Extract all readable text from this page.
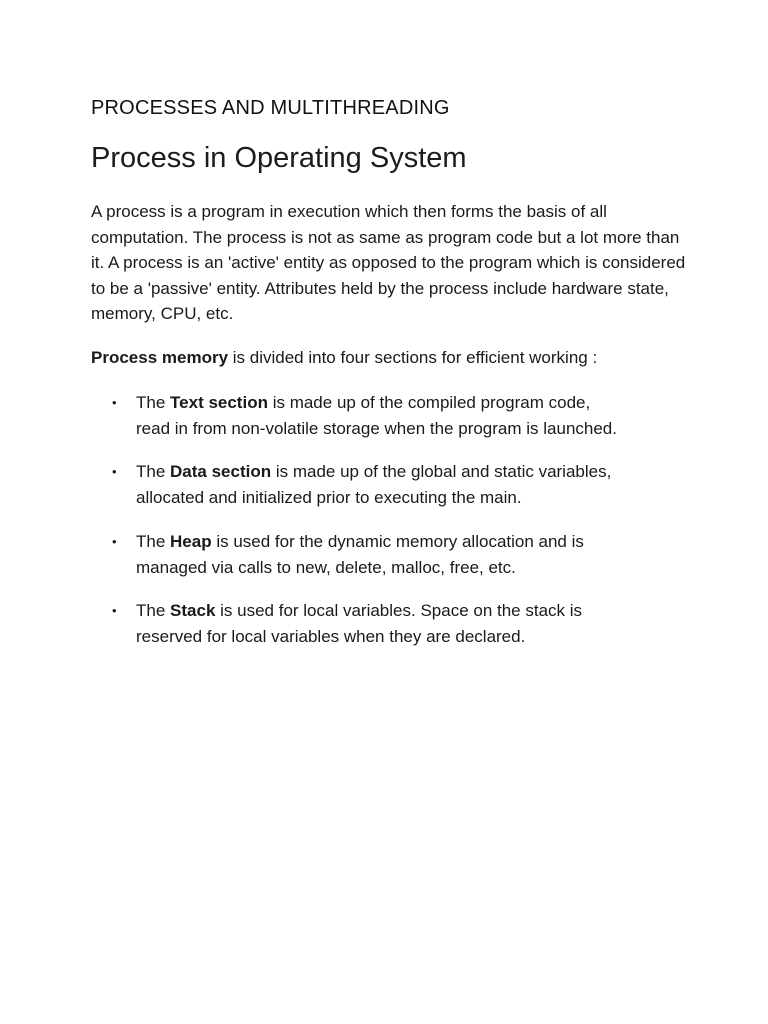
PROCESSES AND MULTITHREADING
Process in Operating System

A process is a program in execution which then forms the basis of all computation. The process is not as same as program code but a lot more than it. A process is an 'active' entity as opposed to the program which is considered to be a 'passive' entity. Attributes held by the process include hardware state, memory, CPU, etc.

Process memory is divided into four sections for efficient working :

• The Text section is made up of the compiled program code,
read in from non-volatile storage when the program is launched.
• The Data section is made up of the global and static variables,
allocated and initialized prior to executing the main.
• The Heap is used for the dynamic memory allocation and is
managed via calls to new, delete, malloc, free, etc.
• The Stack is used for local variables. Space on the stack is
reserved for local variables when they are declared.
